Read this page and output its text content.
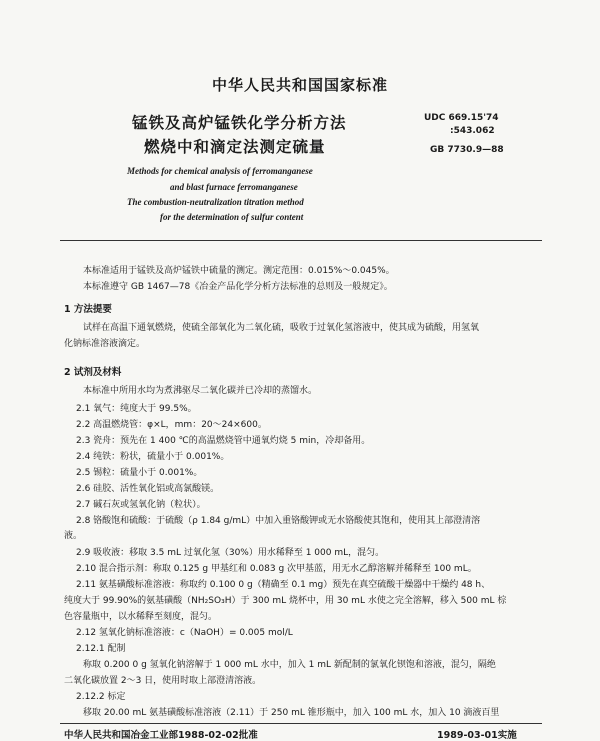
中华人民共和国国家标准
锰铁及高炉锰铁化学分析方法
燃烧中和滴定法测定硫量
UDC 669.15'74
:543.062
GB 7730.9—88
Methods for chemical analysis of ferromanganese
and blast furnace ferromanganese
The combustion-neutralization titration method
for the determination of sulfur content
本标准适用于锰铁及高炉锰铁中硫量的测定。测定范围：0.015%～0.045%。
本标准遵守 GB 1467—78《冶金产品化学分析方法标准的总则及一般规定》。
1 方法提要
试样在高温下通氧燃烧，使硫全部氧化为二氧化硫，吸收于过氧化氢溶液中，使其成为硫酸，用氢氧
化钠标准溶液滴定。
2 试剂及材料
本标准中所用水均为煮沸驱尽二氧化碳并已冷却的蒸馏水。
2.1 氧气：纯度大于 99.5%。
2.2 高温燃烧管：φ×L，mm：20～24×600。
2.3 瓷舟：预先在 1 400 ℃的高温燃烧管中通氧灼烧 5 min，冷却备用。
2.4 纯铁：粉状，硫量小于 0.001%。
2.5 锡粒：硫量小于 0.001%。
2.6 硅胶、活性氧化铝或高氯酸镁。
2.7 碱石灰或氢氧化钠（粒状）。
2.8 铬酸饱和硫酸：于硫酸（ρ 1.84 g/mL）中加入重铬酸钾或无水铬酸使其饱和，使用其上部澄清溶
液。
2.9 吸收液：移取 3.5 mL 过氧化氢（30%）用水稀释至 1 000 mL，混匀。
2.10 混合指示剂：称取 0.125 g 甲基红和 0.083 g 次甲基蓝，用无水乙醇溶解并稀释至 100 mL。
2.11 氨基磺酸标准溶液：称取约 0.100 0 g（精确至 0.1 mg）预先在真空硫酸干燥器中干燥约 48 h、
纯度大于 99.90%的氨基磺酸（NH₂SO₃H）于 300 mL 烧杯中，用 30 mL 水使之完全溶解，移入 500 mL 棕
色容量瓶中，以水稀释至刻度，混匀。
2.12 氢氧化钠标准溶液：c（NaOH）= 0.005 mol/L
2.12.1 配制
称取 0.200 0 g 氢氧化钠溶解于 1 000 mL 水中，加入 1 mL 新配制的氯氧化钡饱和溶液，混匀，隔绝
二氧化碳放置 2～3 日，使用时取上部澄清溶液。
2.12.2 标定
移取 20.00 mL 氨基磺酸标准溶液（2.11）于 250 mL 锥形瓶中，加入 100 mL 水，加入 10 滴液百里
中华人民共和国冶金工业部1988-02-02批准	1989-03-01实施
